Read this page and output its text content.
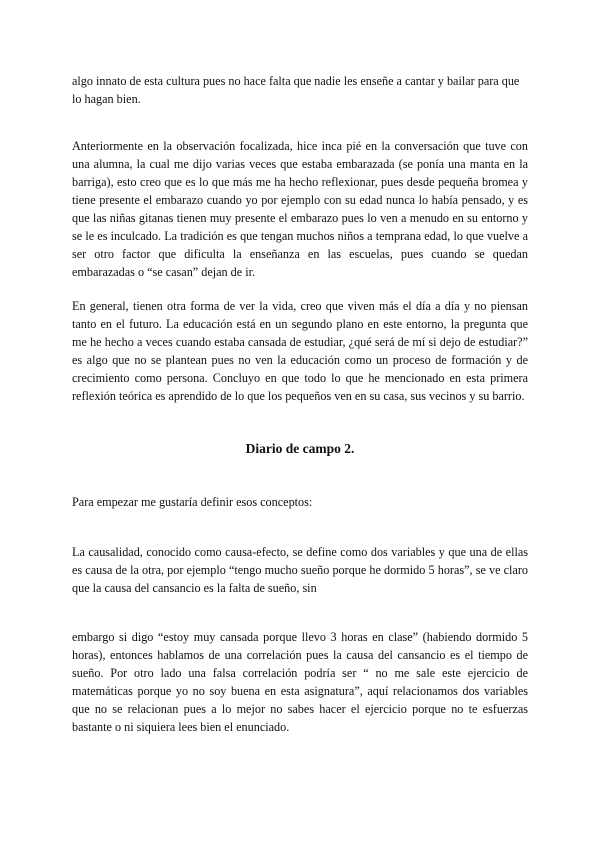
algo innato de esta cultura pues no hace falta que nadie les enseñe a cantar y bailar para que lo hagan bien.

Anteriormente en la observación focalizada, hice inca pié en la conversación que tuve con una alumna, la cual me dijo varias veces que estaba embarazada (se ponía una manta en la barriga), esto creo que es lo que más me ha hecho reflexionar, pues desde pequeña bromea y tiene presente el embarazo cuando yo por ejemplo con su edad nunca lo había pensado, y es que las niñas gitanas tienen muy presente el embarazo pues lo ven a menudo en su entorno y se le es inculcado. La tradición es que tengan muchos niños a temprana edad, lo que vuelve a ser otro factor que dificulta la enseñanza en las escuelas, pues cuando se quedan embarazadas o “se casan” dejan de ir.

En general, tienen otra forma de ver la vida, creo que viven más el día a día y no piensan tanto en el futuro. La educación está en un segundo plano en este entorno, la pregunta que me he hecho a veces cuando estaba cansada de estudiar, ¿qué será de mí si dejo de estudiar?” es algo que no se plantean pues no ven la educación como un proceso de formación y de crecimiento como persona. Concluyo en que todo lo que he mencionado en esta primera reflexión teórica es aprendido de lo que los pequeños ven en su casa, sus vecinos y su barrio.

Diario de campo 2.

Para empezar me gustaría definir esos conceptos:

La causalidad, conocido como causa-efecto, se define como dos variables y que una de ellas es causa de la otra, por ejemplo “tengo mucho sueño porque he dormido 5 horas”, se ve claro que la causa del cansancio es la falta de sueño, sin

embargo si digo “estoy muy cansada porque llevo 3 horas en clase” (habiendo dormido 5 horas), entonces hablamos de una correlación pues la causa del cansancio es el tiempo de sueño. Por otro lado una falsa correlación podría ser “ no me sale este ejercicio de matemáticas porque yo no soy buena en esta asignatura”, aquí relacionamos dos variables que no se relacionan pues a lo mejor no sabes hacer el ejercicio porque no te esfuerzas bastante o ni siquiera lees bien el enunciado.
